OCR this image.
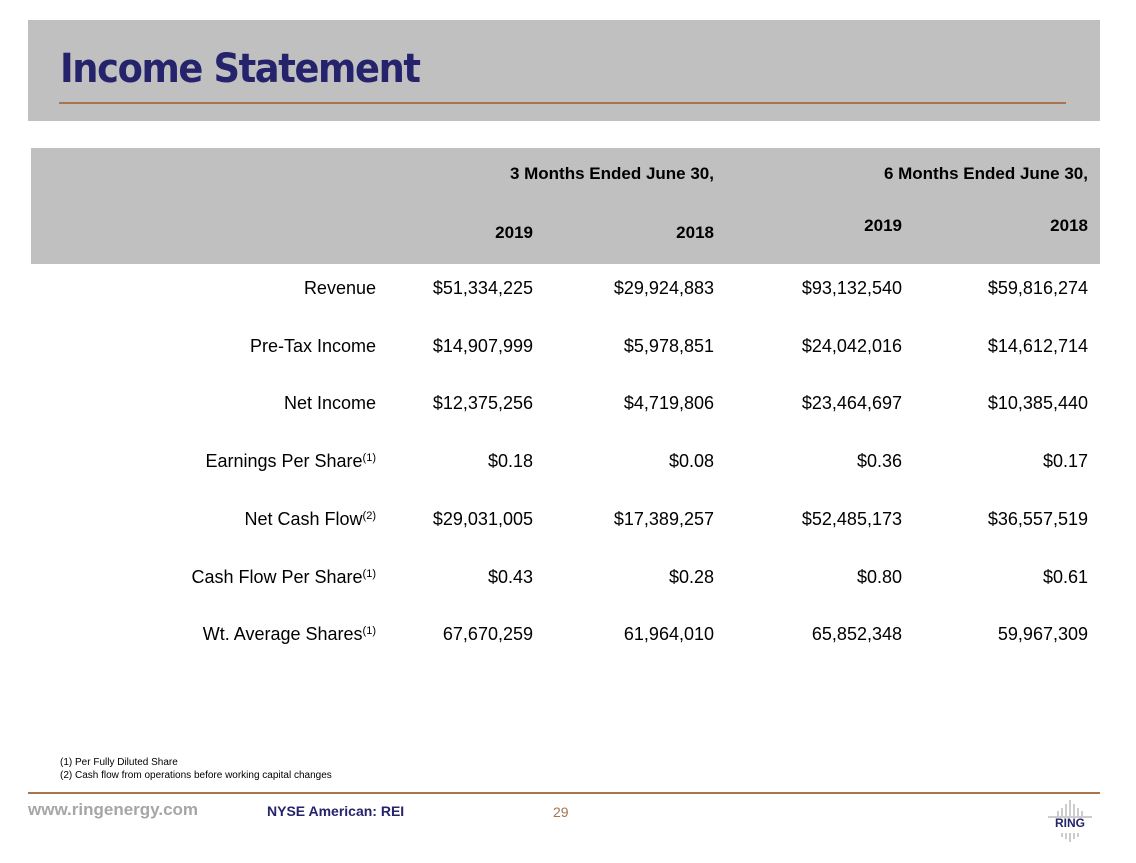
Income Statement
3 Months Ended June 30,	6 Months Ended June 30,
2019	2018	2019	2018
Revenue	$51,334,225	$29,924,883	$93,132,540	$59,816,274
Pre-Tax Income	$14,907,999	$5,978,851	$24,042,016	$14,612,714
Net Income	$12,375,256	$4,719,806	$23,464,697	$10,385,440
Earnings Per Share$^{(1)}$	$0.18	$0.08	$0.36	$0.17
Net Cash Flow$^{(2)}$	$29,031,005	$17,389,257	$52,485,173	$36,557,519
Cash Flow Per Share$^{(1)}$	$0.43	$0.28	$0.80	$0.61
Wt. Average Shares$^{(1)}$	67,670,259	61,964,010	65,852,348	59,967,309
(1) Per Fully Diluted Share
(2) Cash flow from operations before working capital changes
www.ringenergy.com	NYSE American: REI	29
RING
